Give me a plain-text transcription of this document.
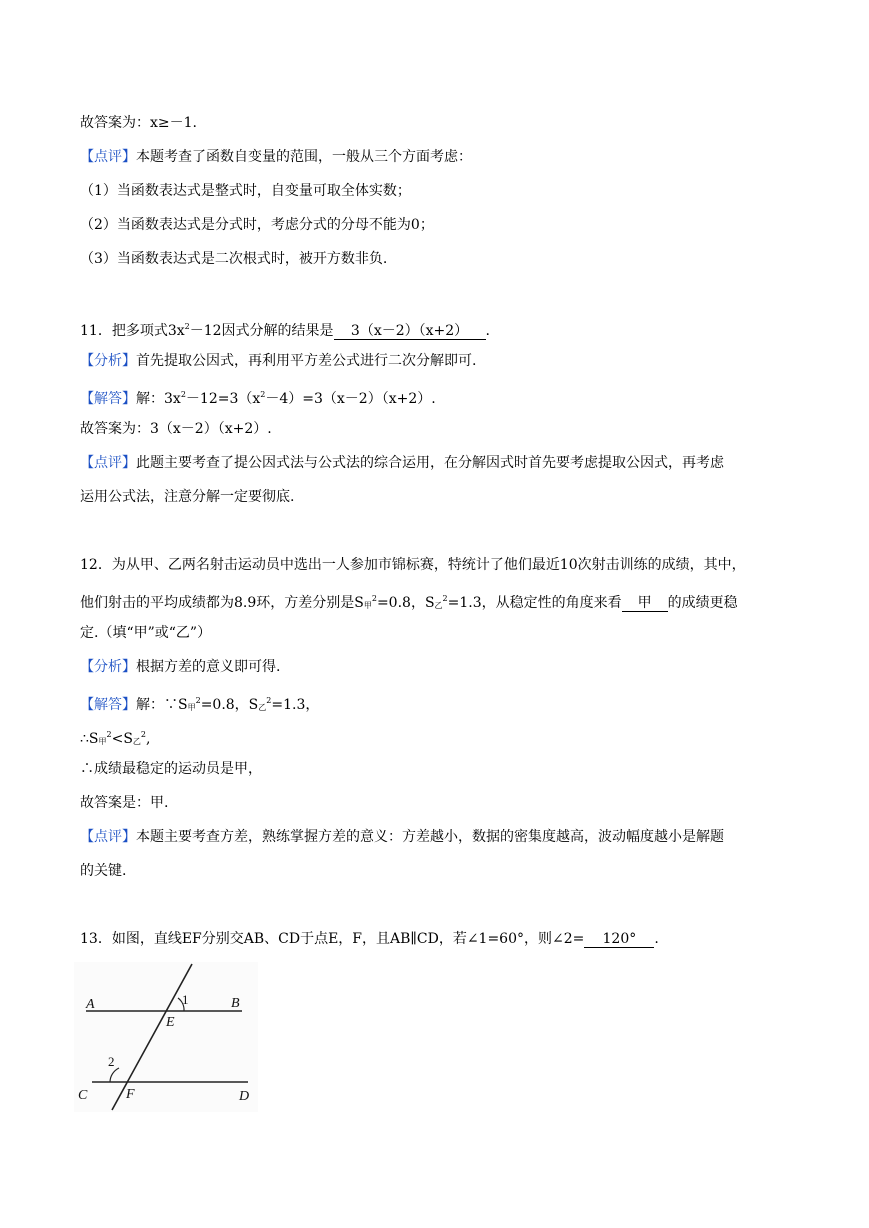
故答案为：x≥－1.

【点评】本题考查了函数自变量的范围，一般从三个方面考虑：

（1）当函数表达式是整式时，自变量可取全体实数；

（2）当函数表达式是分式时，考虑分式的分母不能为0；

（3）当函数表达式是二次根式时，被开方数非负.

11．把多项式$3x^2-12$因式分解的结果是 3（x－2）（x+2） .

【分析】首先提取公因式，再利用平方差公式进行二次分解即可.

【解答】解：$3x^2-12=3(x^2-4)=3(x-2)(x+2)$.

故答案为：3（x－2）（x+2）.

【点评】此题主要考查了提公因式法与公式法的综合运用，在分解因式时首先要考虑提取公因式，再考虑

运用公式法，注意分解一定要彻底.

12．为从甲、乙两名射击运动员中选出一人参加市锦标赛，特统计了他们最近10次射击训练的成绩，其中，

他们射击的平均成绩都为8.9环，方差分别是$S_甲^2=0.8$，$S_乙^2=1.3$，从稳定性的角度来看 甲 的成绩更稳

定.（填“甲”或“乙”）

【分析】根据方差的意义即可得.

【解答】解：$\because S_甲^2=0.8$，$S_乙^2=1.3$，

$\therefore S_甲^2<S_乙^2$,

∴成绩最稳定的运动员是甲，

故答案是：甲.

【点评】本题主要考查方差，熟练掌握方差的意义：方差越小，数据的密集度越高，波动幅度越小是解题

的关键.

13．如图，直线EF分别交AB、CD于点E，F，且AB∥CD，若∠1=60°，则∠2= 120° .

A	B
C	D
E
F
1
2
